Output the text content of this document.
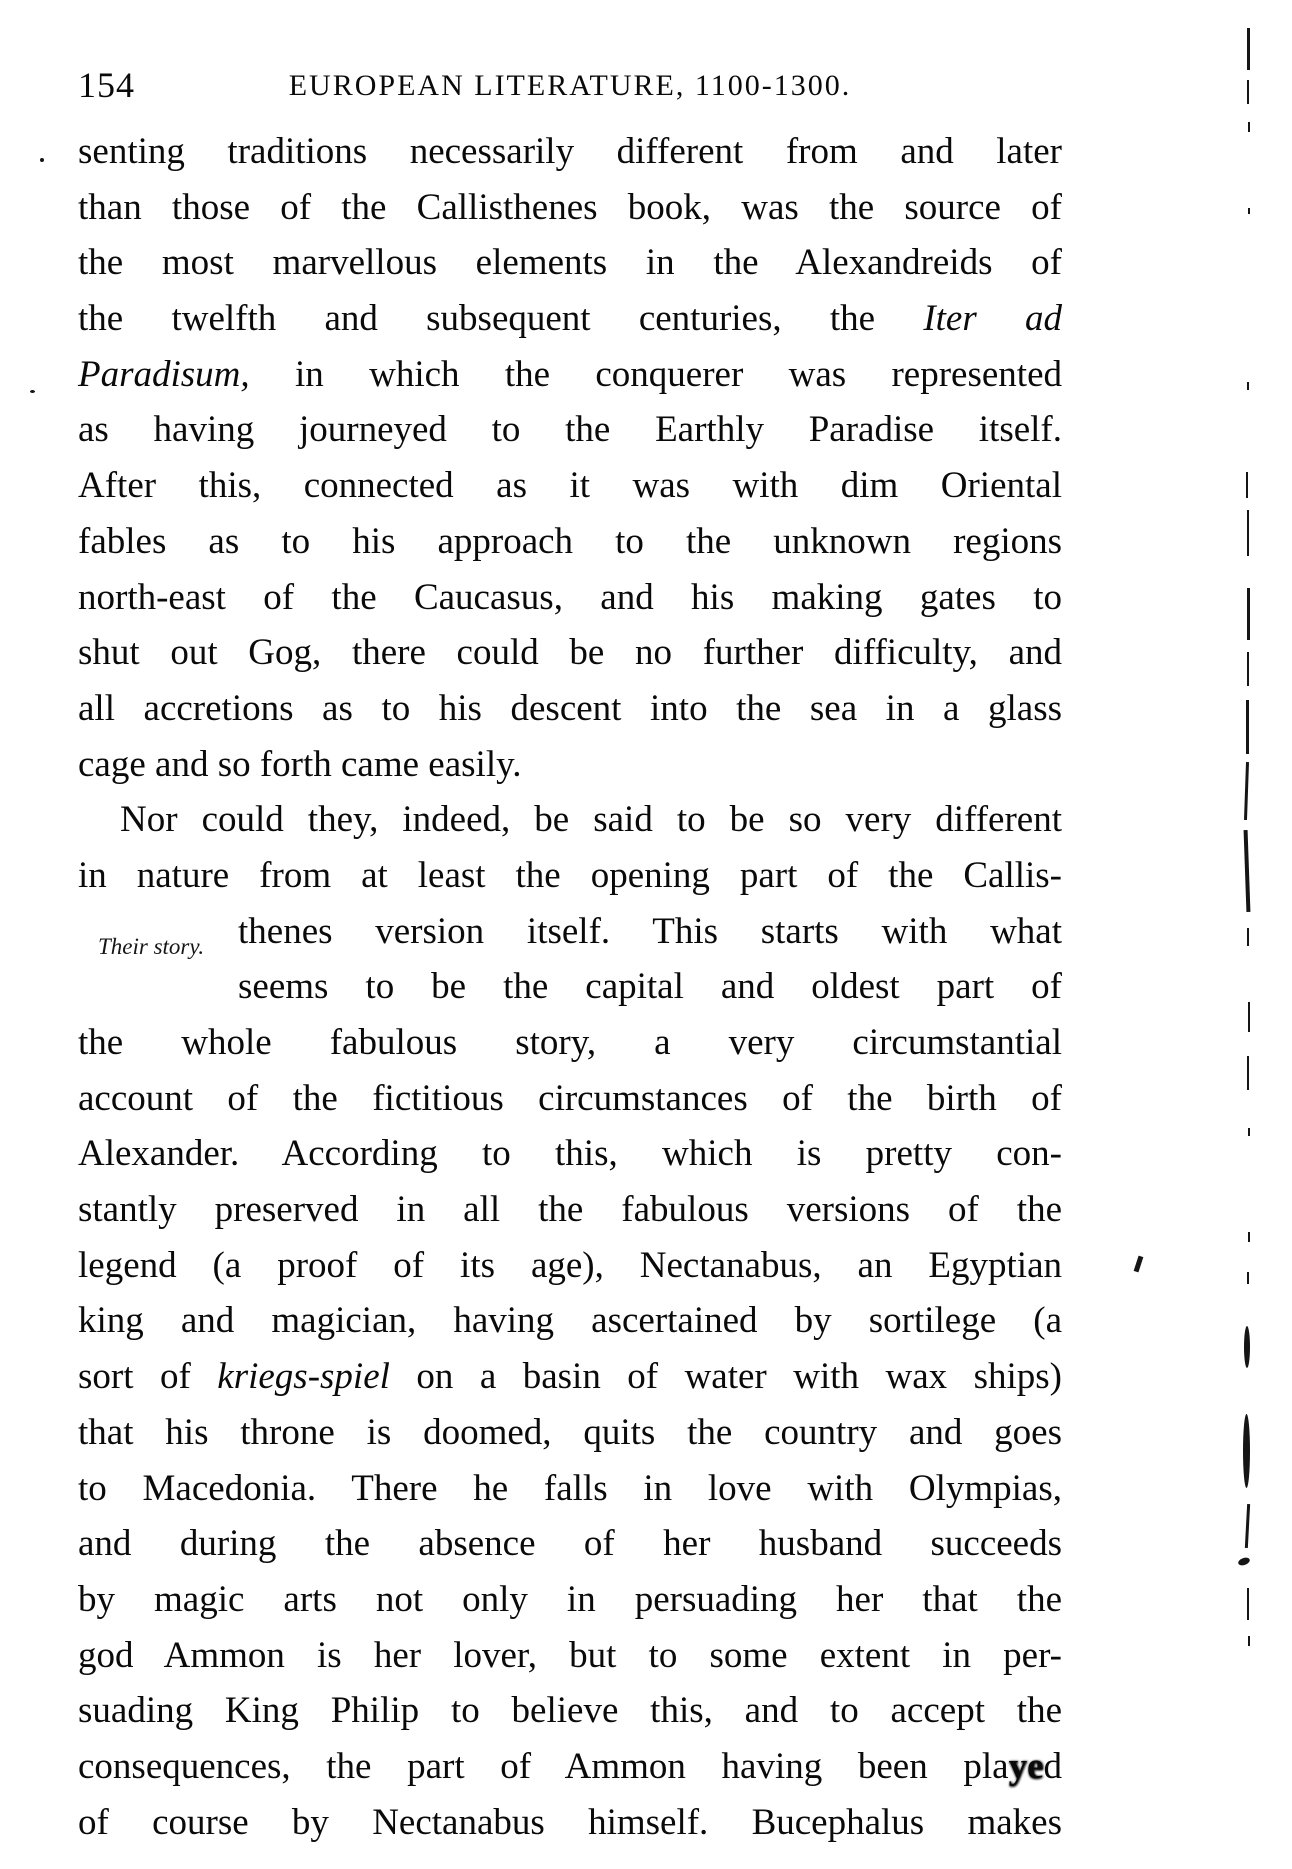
154	EUROPEAN LITERATURE, 1100-1300.
Their story.
senting traditions necessarily different from and later
than those of the Callisthenes book, was the source of
the most marvellous elements in the Alexandreids of
the twelfth and subsequent centuries, the Iter ad
Paradisum, in which the conquerer was represented
as having journeyed to the Earthly Paradise itself.
After this, connected as it was with dim Oriental
fables as to his approach to the unknown regions
north-east of the Caucasus, and his making gates to
shut out Gog, there could be no further difficulty, and
all accretions as to his descent into the sea in a glass
cage and so forth came easily.
Nor could they, indeed, be said to be so very different
in nature from at least the opening part of the Callis-
thenes version itself. This starts with what
seems to be the capital and oldest part of
the whole fabulous story, a very circumstantial
account of the fictitious circumstances of the birth of
Alexander. According to this, which is pretty con-
stantly preserved in all the fabulous versions of the
legend (a proof of its age), Nectanabus, an Egyptian
king and magician, having ascertained by sortilege (a
sort of kriegs-spiel on a basin of water with wax ships)
that his throne is doomed, quits the country and goes
to Macedonia. There he falls in love with Olympias,
and during the absence of her husband succeeds
by magic arts not only in persuading her that the
god Ammon is her lover, but to some extent in per-
suading King Philip to believe this, and to accept the
consequences, the part of Ammon having been played
of course by Nectanabus himself. Bucephalus makes
